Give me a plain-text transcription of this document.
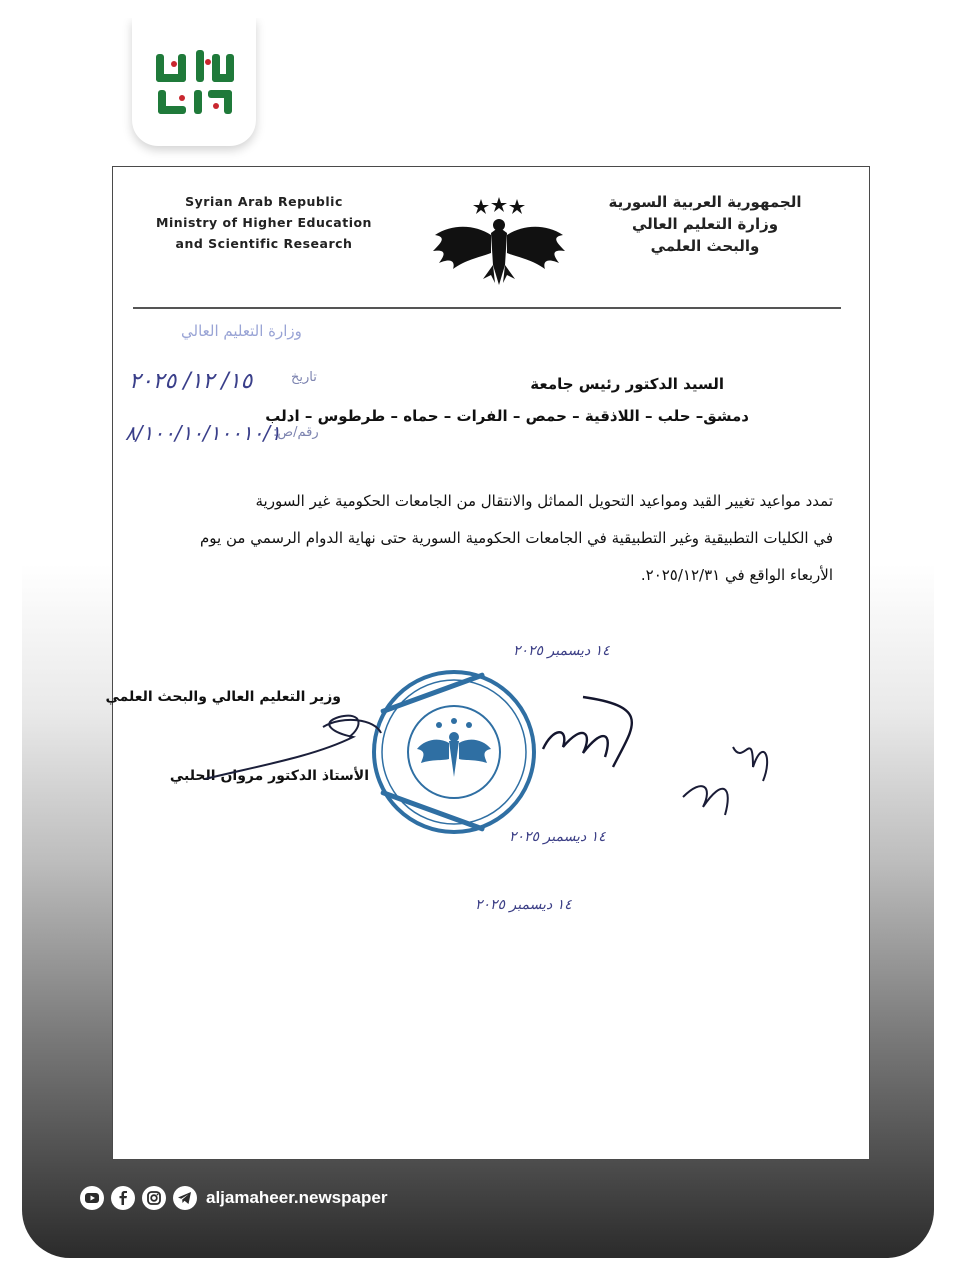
Syrian Arab Republic
Ministry of Higher Education
and Scientific Research
الجمهورية العربية السورية
وزارة التعليم العالي
والبحث العلمي
وزارة التعليم العالي
السيد الدكتور رئيس جامعة
دمشق– حلب – اللاذقية – حمص – الفرات – حماه – طرطوس – ادلب
تاريخ
١٥/ ١٢/ ٢٠٢٥
رقم/ص:
٨/١٠٠/١٠/١٠٠١٠/١
تمدد مواعيد تغيير القيد ومواعيد التحويل المماثل والانتقال من الجامعات الحكومية غير السورية
في الكليات التطبيقية وغير التطبيقية في الجامعات الحكومية السورية حتى نهاية الدوام الرسمي من يوم
الأربعاء الواقع في ٢٠٢٥/١٢/٣١.
١٤ ديسمبر ٢٠٢٥
وزير التعليم العالي والبحث العلمي
الأستاذ الدكتور مروان الحلبي
١٤ ديسمبر ٢٠٢٥
١٤ ديسمبر ٢٠٢٥
aljamaheer.newspaper
